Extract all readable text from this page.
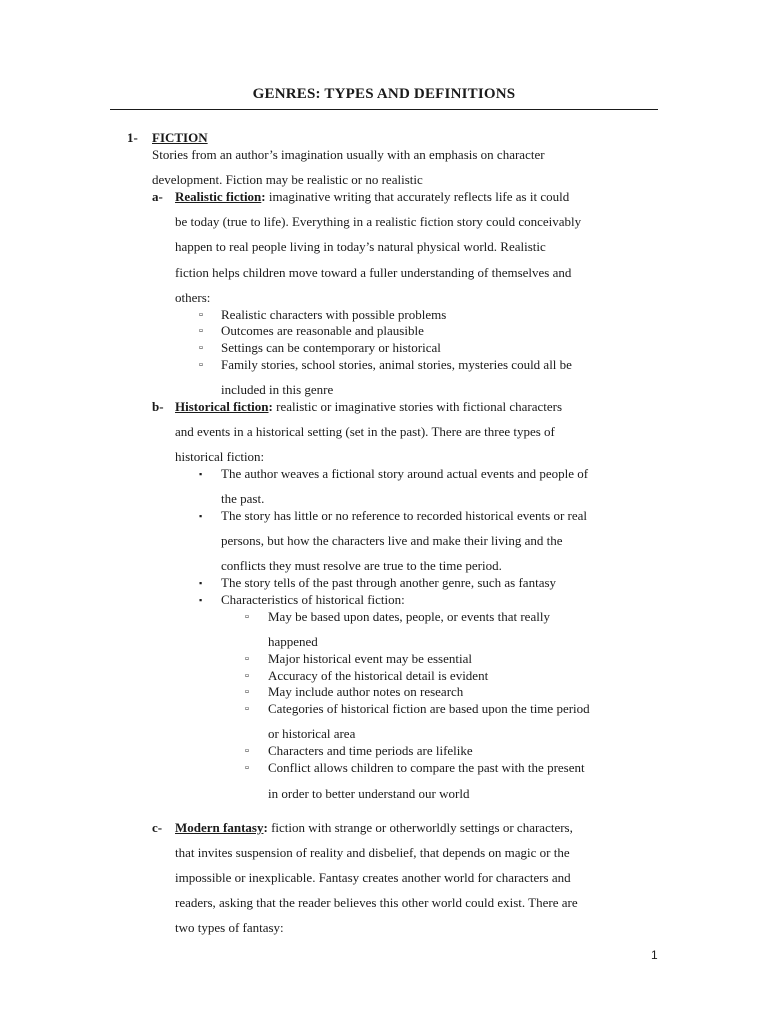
GENRES: TYPES AND DEFINITIONS
1- FICTION
Stories from an author’s imagination usually with an emphasis on character
development. Fiction may be realistic or no realistic
a- Realistic fiction: imaginative writing that accurately reflects life as it could
be today (true to life). Everything in a realistic fiction story could conceivably
happen to real people living in today’s natural physical world. Realistic
fiction helps children move toward a fuller understanding of themselves and
others:
▫ Realistic characters with possible problems
▫ Outcomes are reasonable and plausible
▫ Settings can be contemporary or historical
▫ Family stories, school stories, animal stories, mysteries could all be
included in this genre
b- Historical fiction: realistic or imaginative stories with fictional characters
and events in a historical setting (set in the past). There are three types of
historical fiction:
▪ The author weaves a fictional story around actual events and people of
the past.
▪ The story has little or no reference to recorded historical events or real
persons, but how the characters live and make their living and the
conflicts they must resolve are true to the time period.
▪ The story tells of the past through another genre, such as fantasy
▪ Characteristics of historical fiction:
▫ May be based upon dates, people, or events that really
happened
▫ Major historical event may be essential
▫ Accuracy of the historical detail is evident
▫ May include author notes on research
▫ Categories of historical fiction are based upon the time period
or historical area
▫ Characters and time periods are lifelike
▫ Conflict allows children to compare the past with the present
in order to better understand our world
c- Modern fantasy: fiction with strange or otherworldly settings or characters,
that invites suspension of reality and disbelief, that depends on magic or the
impossible or inexplicable. Fantasy creates another world for characters and
readers, asking that the reader believes this other world could exist. There are
two types of fantasy:
1
